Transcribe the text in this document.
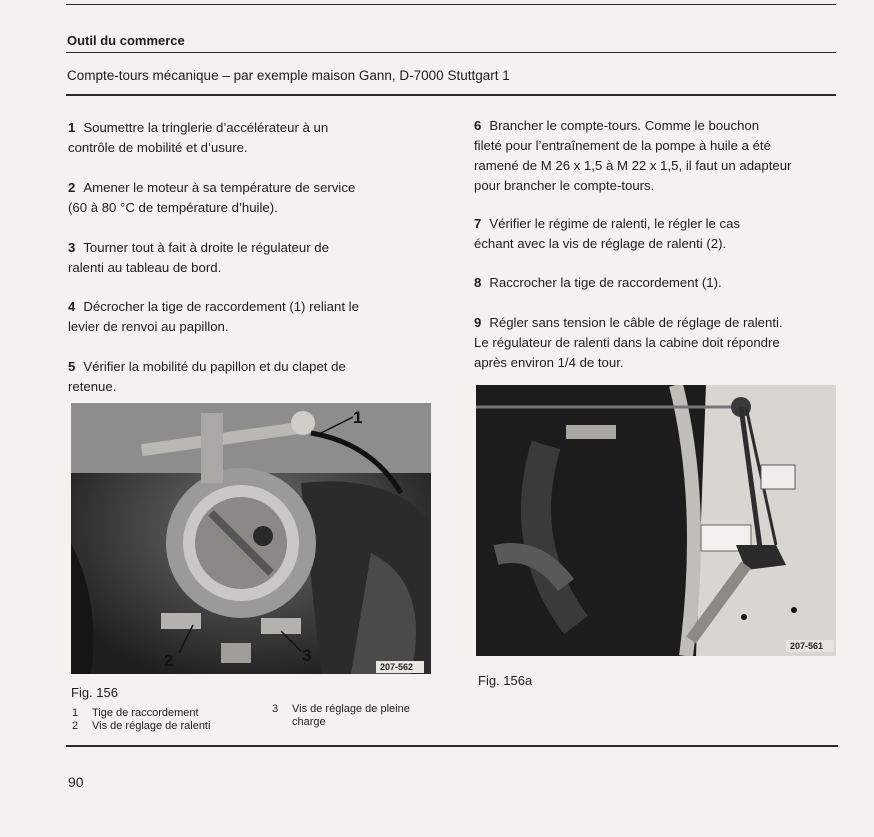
Outil du commerce
Compte-tours mécanique – par exemple maison Gann, D-7000 Stuttgart 1
1 Soumettre la tringlerie d’accélérateur à un
contrôle de mobilité et d’usure.
2 Amener le moteur à sa température de service
(60 à 80 °C de température d’huile).
3 Tourner tout à fait à droite le régulateur de
ralenti au tableau de bord.
4 Décrocher la tige de raccordement (1) reliant le
levier de renvoi au papillon.
5 Vérifier la mobilité du papillon et du clapet de
retenue.
6 Brancher le compte-tours. Comme le bouchon
fileté pour l’entraînement de la pompe à huile a été
ramené de M 26 x 1,5 à M 22 x 1,5, il faut un adapteur
pour brancher le compte-tours.
7 Vérifier le régime de ralenti, le régler le cas
échant avec la vis de réglage de ralenti (2).
8 Raccrocher la tige de raccordement (1).
9 Régler sans tension le câble de réglage de ralenti.
Le régulateur de ralenti dans la cabine doit répondre
après environ 1/4 de tour.
1
2	3
207-562
Fig. 156
1 Tige de raccordement
2 Vis de réglage de ralenti
3 Vis de réglage de pleine
charge
207-561
Fig. 156a
90
